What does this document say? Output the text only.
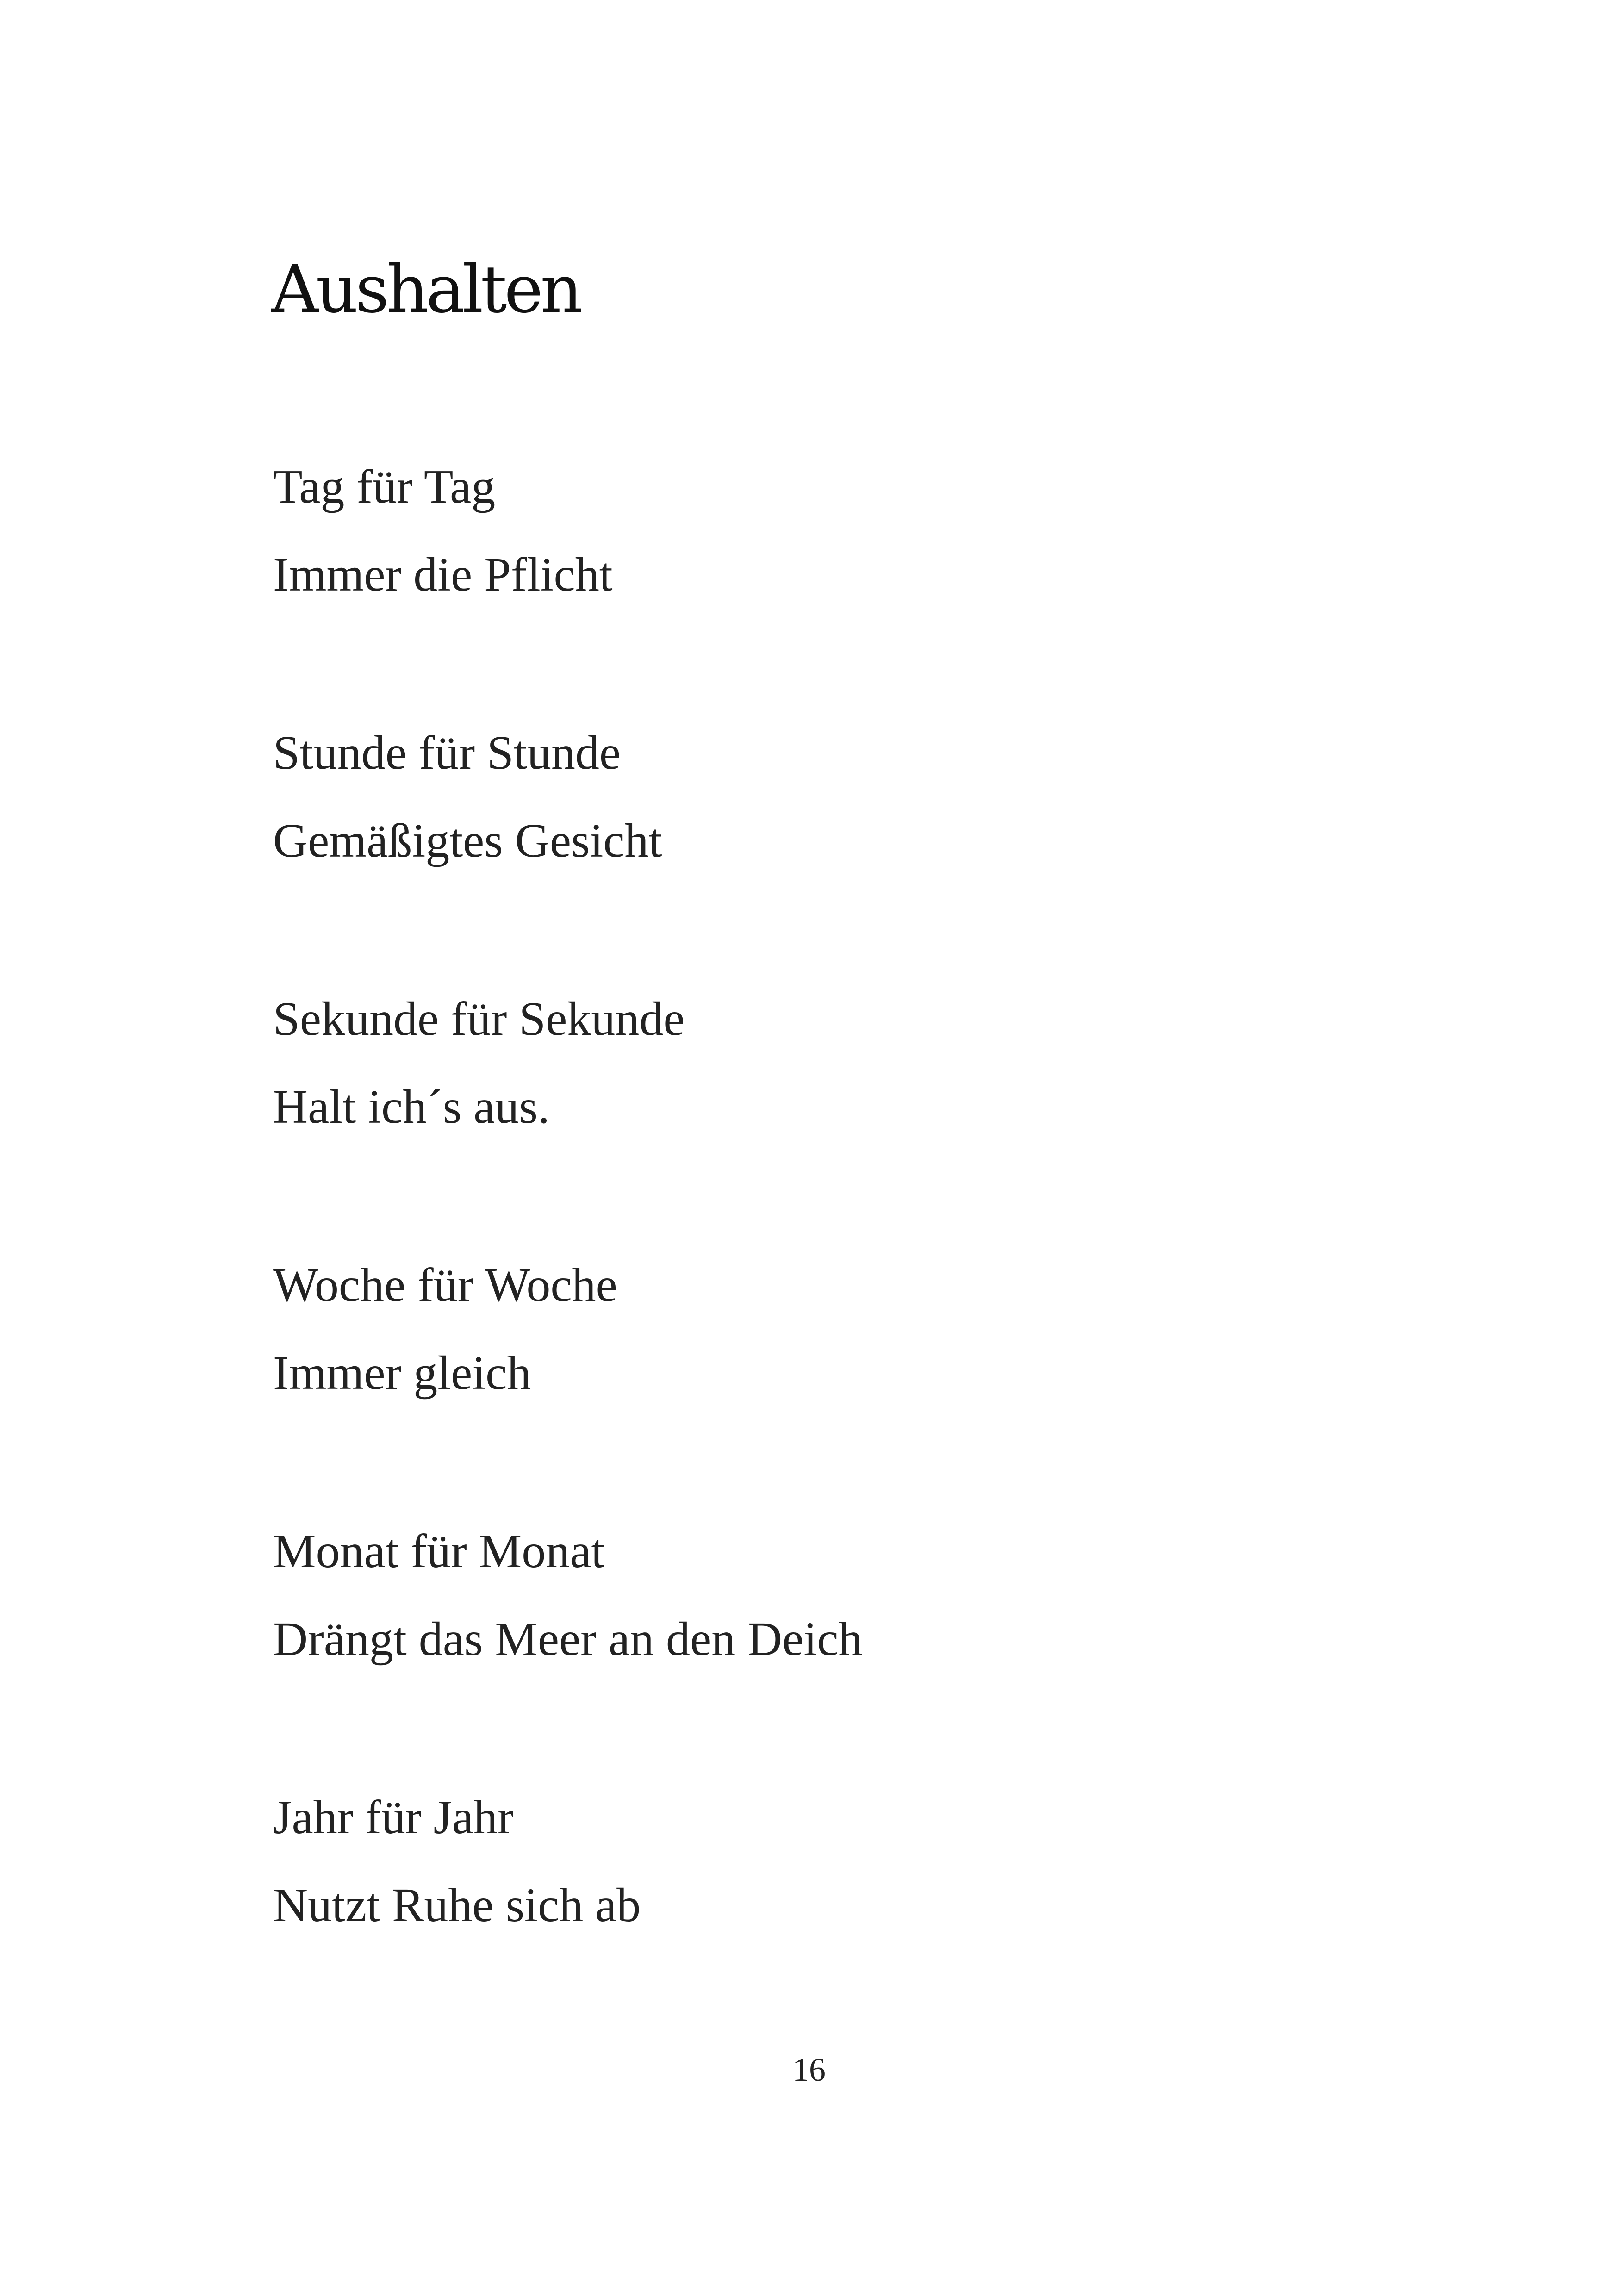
Aushalten

Tag für Tag

Immer die Pflicht

Stunde für Stunde

Gemäßigtes Gesicht

Sekunde für Sekunde

Halt ich´s aus.

Woche für Woche

Immer gleich

Monat für Monat

Drängt das Meer an den Deich

Jahr für Jahr

Nutzt Ruhe sich ab

16
